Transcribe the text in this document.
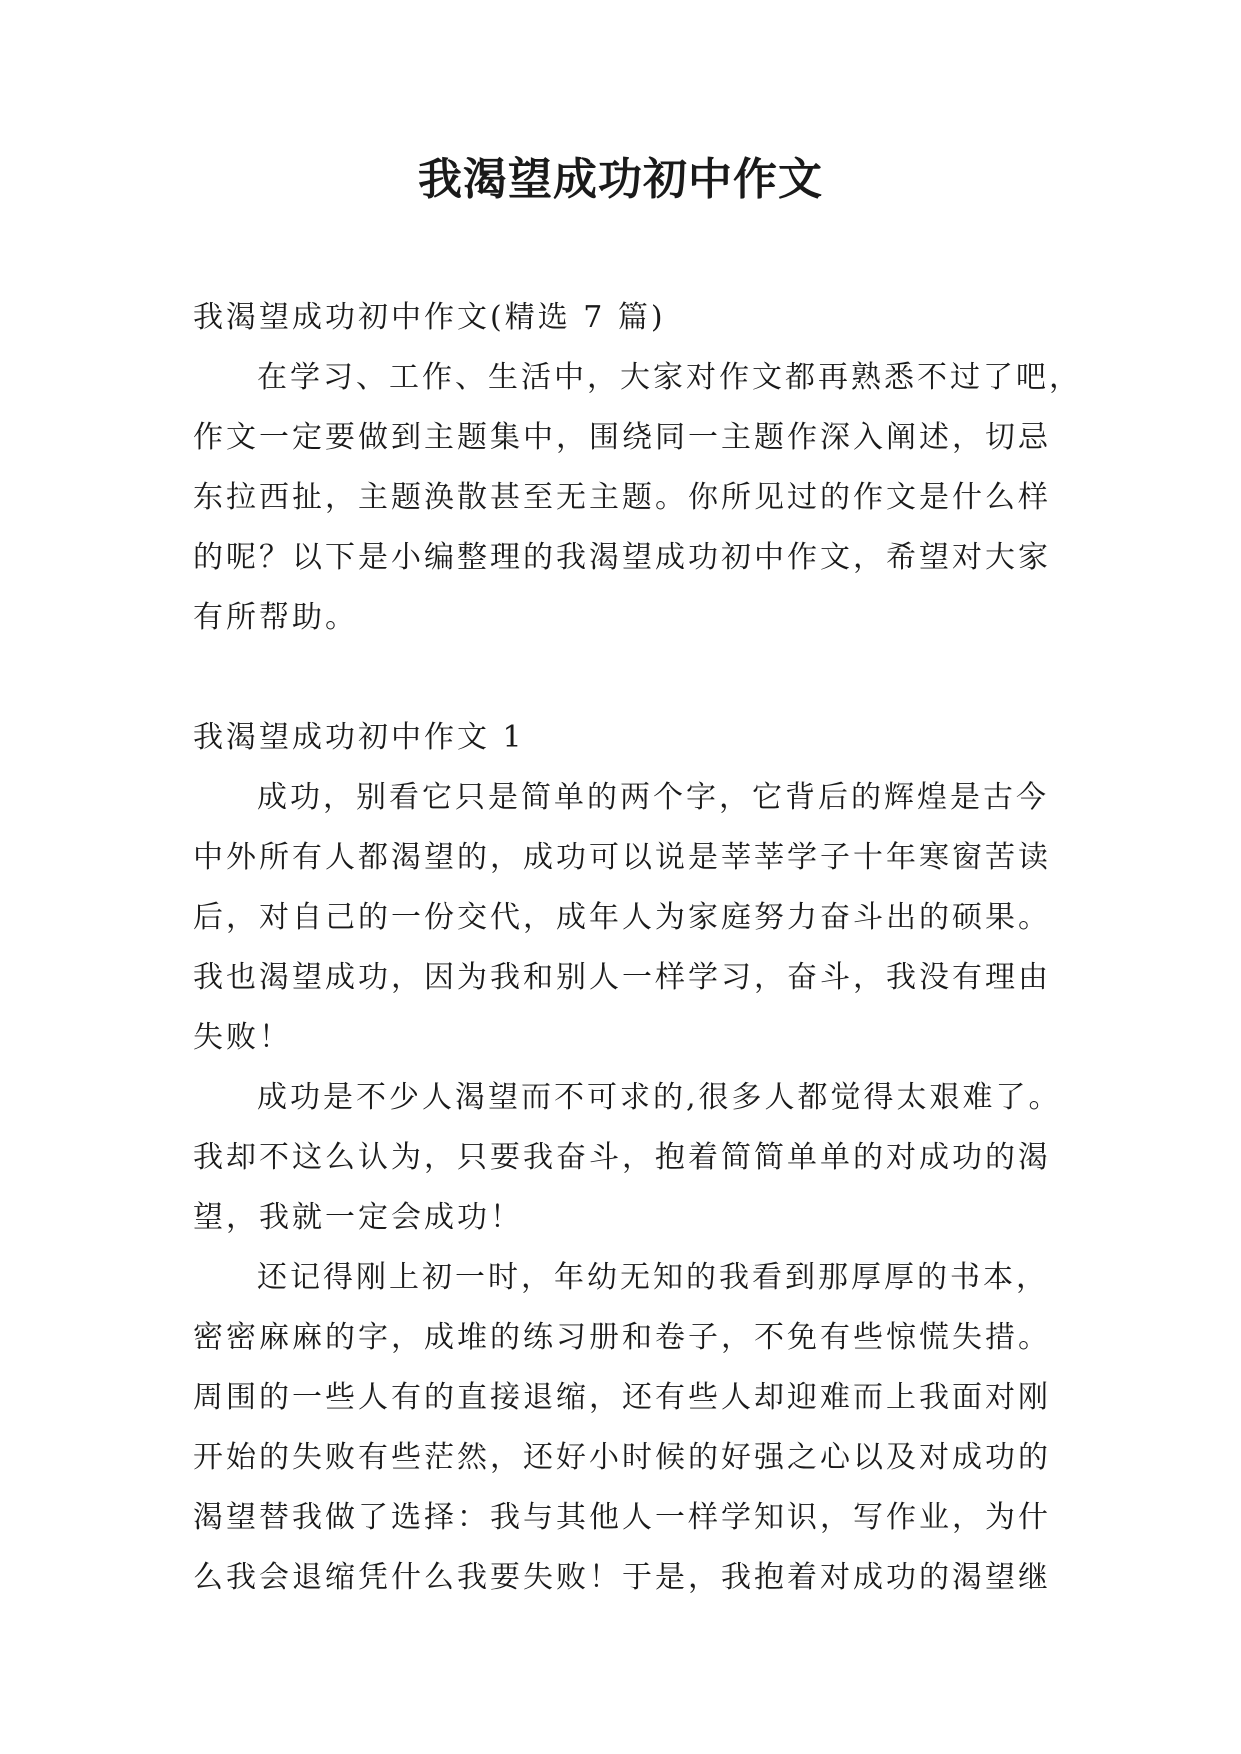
我渴望成功初中作文
我渴望成功初中作文(精选 7 篇)
在学习、工作、生活中，大家对作文都再熟悉不过了吧，
作文一定要做到主题集中，围绕同一主题作深入阐述，切忌
东拉西扯，主题涣散甚至无主题。你所见过的作文是什么样
的呢？以下是小编整理的我渴望成功初中作文，希望对大家
有所帮助。
我渴望成功初中作文 1
成功，别看它只是简单的两个字，它背后的辉煌是古今
中外所有人都渴望的，成功可以说是莘莘学子十年寒窗苦读
后，对自己的一份交代，成年人为家庭努力奋斗出的硕果。
我也渴望成功，因为我和别人一样学习，奋斗，我没有理由
失败！
成功是不少人渴望而不可求的,很多人都觉得太艰难了。
我却不这么认为，只要我奋斗，抱着简简单单的对成功的渴
望，我就一定会成功！
还记得刚上初一时，年幼无知的我看到那厚厚的书本，
密密麻麻的字，成堆的练习册和卷子，不免有些惊慌失措。
周围的一些人有的直接退缩，还有些人却迎难而上我面对刚
开始的失败有些茫然，还好小时候的好强之心以及对成功的
渴望替我做了选择：我与其他人一样学知识，写作业，为什
么我会退缩凭什么我要失败！于是，我抱着对成功的渴望继
